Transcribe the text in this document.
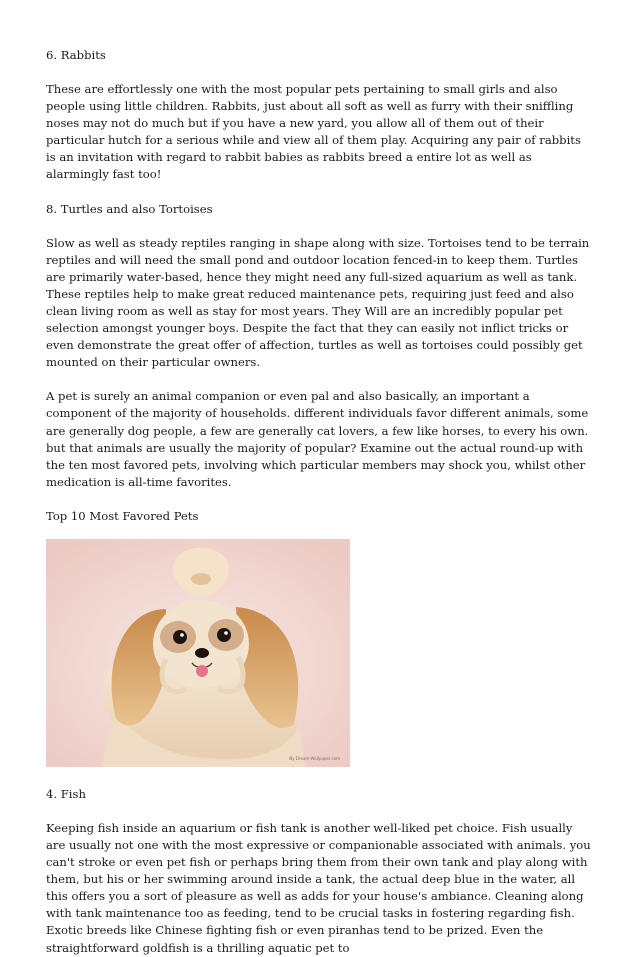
6. Rabbits

These are effortlessly one with the most popular pets pertaining to small girls and also people using little children. Rabbits, just about all soft as well as furry with their sniffling noses may not do much but if you have a new yard, you allow all of them out of their particular hutch for a serious while and view all of them play. Acquiring any pair of rabbits is an invitation with regard to rabbit babies as rabbits breed a entire lot as well as alarmingly fast too!

8. Turtles and also Tortoises

Slow as well as steady reptiles ranging in shape along with size. Tortoises tend to be terrain reptiles and will need the small pond and outdoor location fenced-in to keep them. Turtles are primarily water-based, hence they might need any full-sized aquarium as well as tank. These reptiles help to make great reduced maintenance pets, requiring just feed and also clean living room as well as stay for most years. They Will are an incredibly popular pet selection amongst younger boys. Despite the fact that they can easily not inflict tricks or even demonstrate the great offer of affection, turtles as well as tortoises could possibly get mounted on their particular owners.

A pet is surely an animal companion or even pal and also basically, an important a component of the majority of households. different individuals favor different animals, some are generally dog people, a few are generally cat lovers, a few like horses, to every his own. but that animals are usually the majority of popular? Examine out the actual round-up with the ten most favored pets, involving which particular members may shock you, whilst other medication is all-time favorites.

Top 10 Most Favored Pets

By Dream-Wallpaper.com

4. Fish

Keeping fish inside an aquarium or fish tank is another well-liked pet choice. Fish usually are usually not one with the most expressive or companionable associated with animals. you can't stroke or even pet fish or perhaps bring them from their own tank and play along with them, but his or her swimming around inside a tank, the actual deep blue in the water, all this offers you a sort of pleasure as well as adds for your house's ambiance. Cleaning along with tank maintenance too as feeding, tend to be crucial tasks in fostering regarding fish. Exotic breeds like Chinese fighting fish or even piranhas tend to be prized. Even the straightforward goldfish is a thrilling aquatic pet to
